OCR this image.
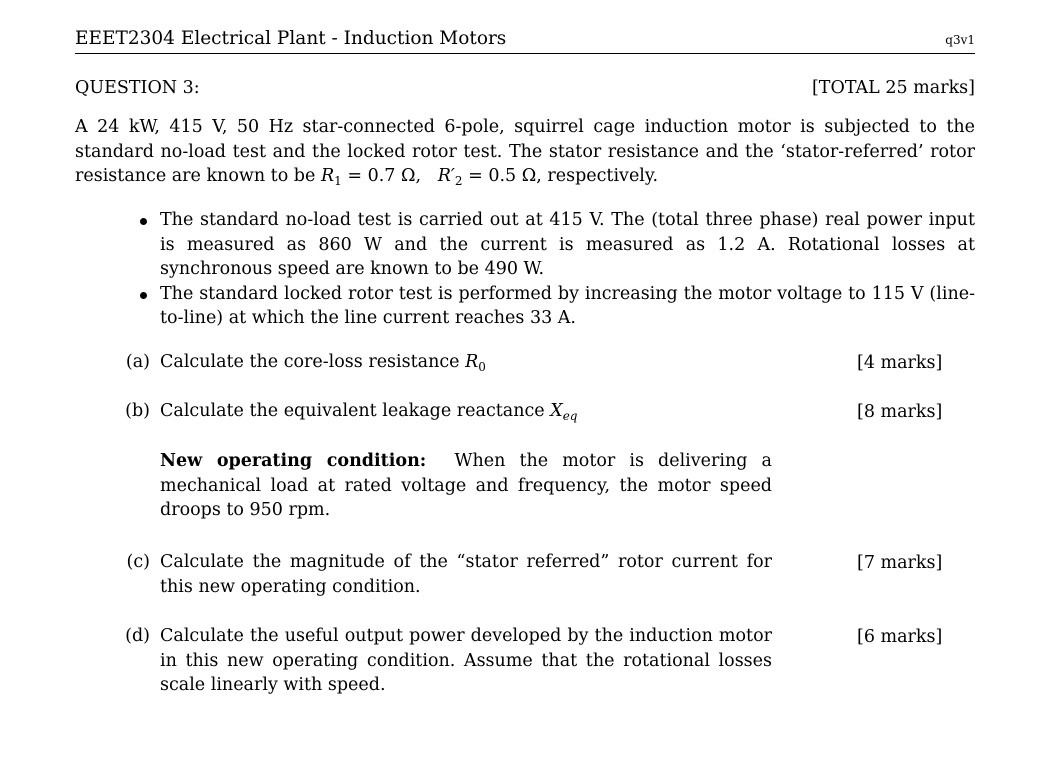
EEET2304 Electrical Plant - Induction Motors	q3v1
QUESTION 3:	[TOTAL 25 marks]
A 24 kW, 415 V, 50 Hz star-connected 6-pole, squirrel cage induction motor is subjected to the standard no-load test and the locked rotor test. The stator resistance and the ‘stator-referred’ rotor resistance are known to be $R_1 = 0.7$ Ω, $R'_2 = 0.5$ Ω, respectively.
The standard no-load test is carried out at 415 V. The (total three phase) real power input is measured as 860 W and the current is measured as 1.2 A. Rotational losses at synchronous speed are known to be 490 W.
The standard locked rotor test is performed by increasing the motor voltage to 115 V (line-to-line) at which the line current reaches 33 A.
(a) Calculate the core-loss resistance $R_0$	[4 marks]
(b) Calculate the equivalent leakage reactance $X_{eq}$	[8 marks]
New operating condition: When the motor is delivering a mechanical load at rated voltage and frequency, the motor speed droops to 950 rpm.
(c) Calculate the magnitude of the “stator referred” rotor current for this new operating condition.
[7 marks]
(d) Calculate the useful output power developed by the induction motor in this new operating condition. Assume that the rotational losses scale linearly with speed.
[6 marks]
